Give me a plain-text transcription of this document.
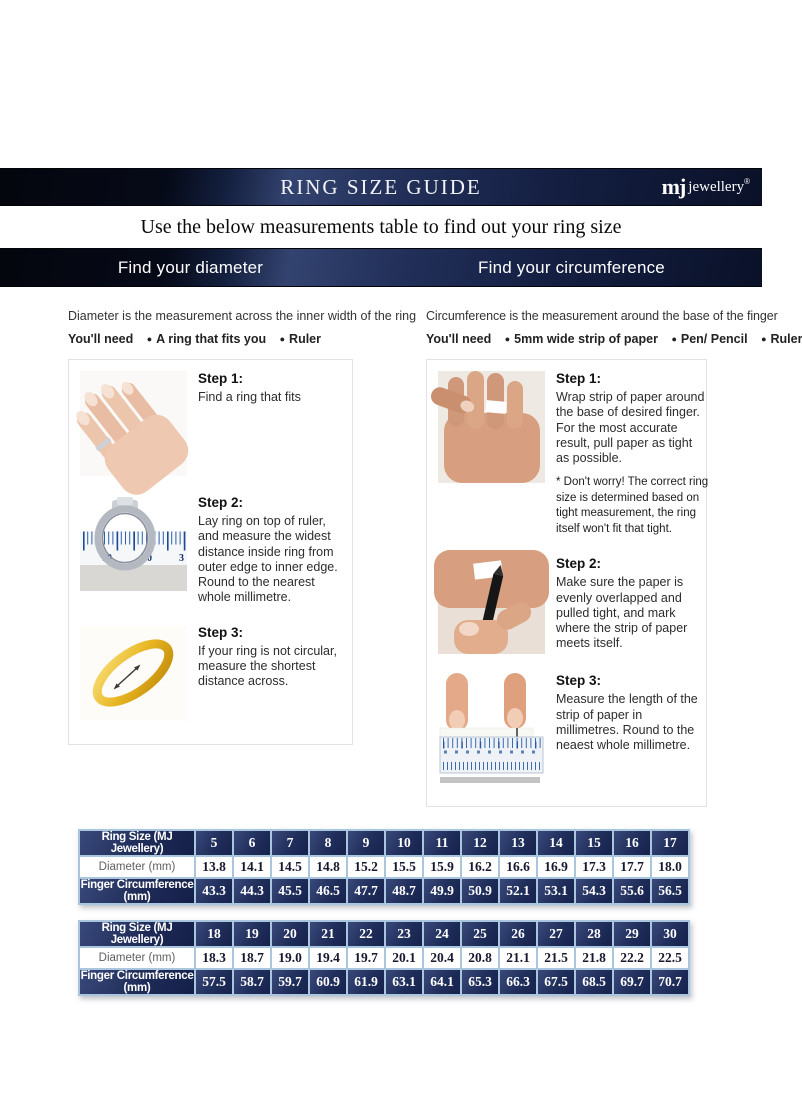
RING SIZE GUIDE	mj jewellery ®
Use the below measurements table to find out your ring size
Find your diameter	Find your circumference
Diameter is the measurement across the inner width of the ring
You'll need ● A ring that fits you ● Ruler
Step 1:
Find a ring that fits
10	20	3
Step 2:
Lay ring on top of ruler, and measure the widest distance inside ring from outer edge to inner edge. Round to the nearest whole millimetre.
Step 3:
If your ring is not circular, measure the shortest distance across.
Circumference is the measurement around the base of the finger
You'll need ● 5mm wide strip of paper ● Pen/ Pencil ● Ruler
Step 1:
Wrap strip of paper around the base of desired finger. For the most accurate result, pull paper as tight as possible.
* Don't worry! The correct ring size is determined based on tight measurement, the ring itself won't fit that tight.
Step 2:
Make sure the paper is evenly overlapped and pulled tight, and mark where the strip of paper meets itself.
Step 3:
Measure the length of the strip of paper in millimetres. Round to the neaest whole millimetre.
Ring Size (MJ Jewellery)	5	6	7	8	9	10	11	12	13	14	15	16	17
Diameter (mm)	13.8	14.1	14.5	14.8	15.2	15.5	15.9	16.2	16.6	16.9	17.3	17.7	18.0
Finger Circumference (mm)	43.3	44.3	45.5	46.5	47.7	48.7	49.9	50.9	52.1	53.1	54.3	55.6	56.5
Ring Size (MJ Jewellery)	18	19	20	21	22	23	24	25	26	27	28	29	30
Diameter (mm)	18.3	18.7	19.0	19.4	19.7	20.1	20.4	20.8	21.1	21.5	21.8	22.2	22.5
Finger Circumference (mm)	57.5	58.7	59.7	60.9	61.9	63.1	64.1	65.3	66.3	67.5	68.5	69.7	70.7
